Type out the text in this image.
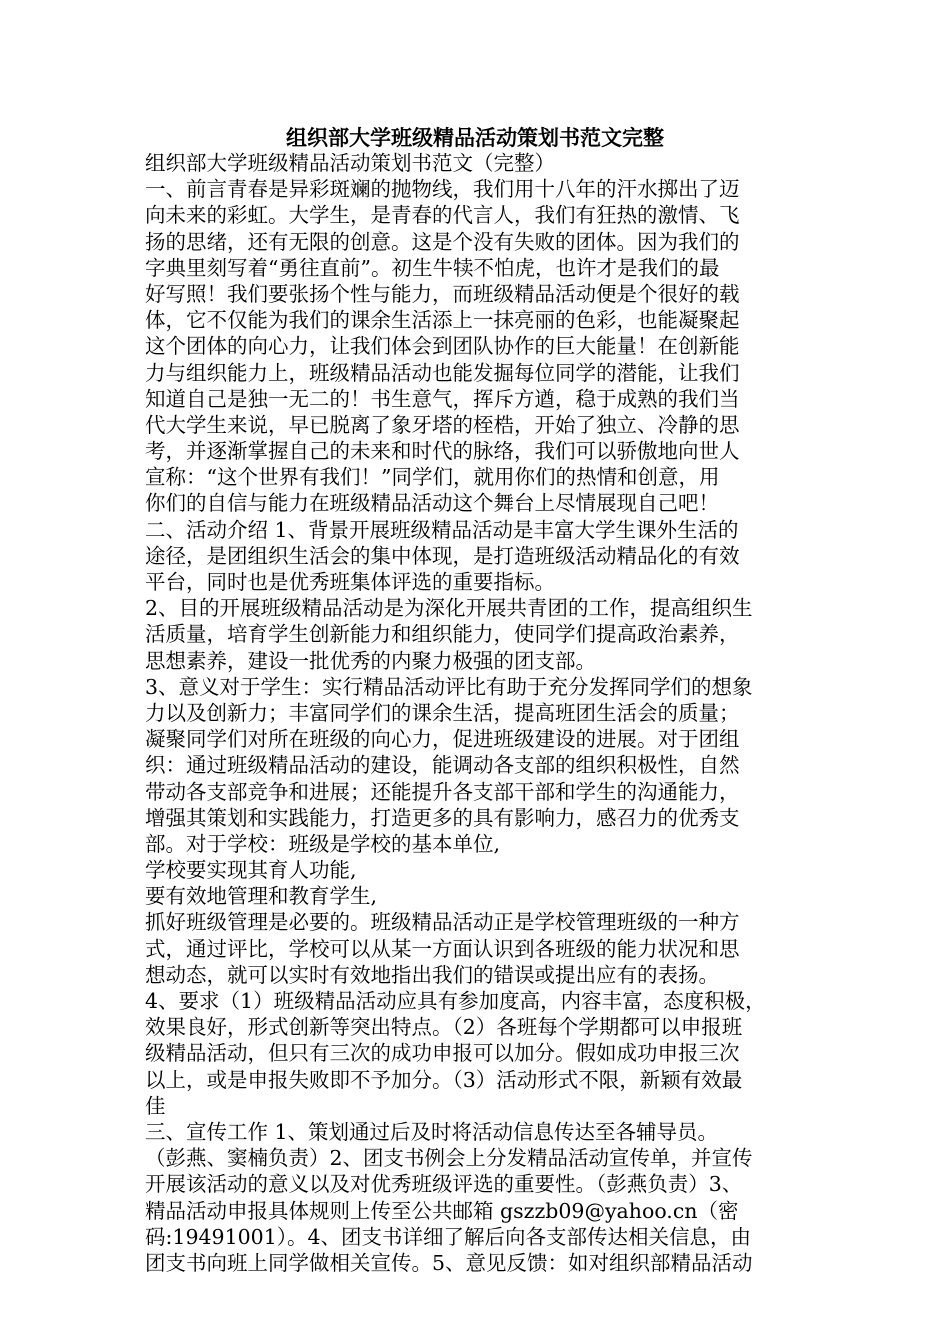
组织部大学班级精品活动策划书范文完整
组织部大学班级精品活动策划书范文（完整）
一、前言青春是异彩斑斓的抛物线，我们用十八年的汗水掷出了迈
向未来的彩虹。大学生，是青春的代言人，我们有狂热的激情、飞
扬的思绪，还有无限的创意。这是个没有失败的团体。因为我们的
字典里刻写着“勇往直前”。初生牛犊不怕虎，也许才是我们的最
好写照！我们要张扬个性与能力，而班级精品活动便是个很好的载
体，它不仅能为我们的课余生活添上一抹亮丽的色彩，也能凝聚起
这个团体的向心力，让我们体会到团队协作的巨大能量！在创新能
力与组织能力上，班级精品活动也能发掘每位同学的潜能，让我们
知道自己是独一无二的！书生意气，挥斥方遒，稳于成熟的我们当
代大学生来说，早已脱离了象牙塔的桎梏，开始了独立、冷静的思
考，并逐渐掌握自己的未来和时代的脉络，我们可以骄傲地向世人
宣称：“这个世界有我们！”同学们，就用你们的热情和创意，用
你们的自信与能力在班级精品活动这个舞台上尽情展现自己吧！
二、活动介绍 1、背景开展班级精品活动是丰富大学生课外生活的
途径，是团组织生活会的集中体现，是打造班级活动精品化的有效
平台，同时也是优秀班集体评选的重要指标。
2、目的开展班级精品活动是为深化开展共青团的工作，提高组织生
活质量，培育学生创新能力和组织能力，使同学们提高政治素养，
思想素养，建设一批优秀的内聚力极强的团支部。
3、意义对于学生：实行精品活动评比有助于充分发挥同学们的想象
力以及创新力；丰富同学们的课余生活，提高班团生活会的质量；
凝聚同学们对所在班级的向心力，促进班级建设的进展。对于团组
织：通过班级精品活动的建设，能调动各支部的组织积极性，自然
带动各支部竞争和进展；还能提升各支部干部和学生的沟通能力，
增强其策划和实践能力，打造更多的具有影响力，感召力的优秀支
部。对于学校：班级是学校的基本单位,
学校要实现其育人功能,
要有效地管理和教育学生,
抓好班级管理是必要的。班级精品活动正是学校管理班级的一种方
式，通过评比，学校可以从某一方面认识到各班级的能力状况和思
想动态，就可以实时有效地指出我们的错误或提出应有的表扬。
4、要求（1）班级精品活动应具有参加度高，内容丰富，态度积极，
效果良好，形式创新等突出特点。（2）各班每个学期都可以申报班
级精品活动，但只有三次的成功申报可以加分。假如成功申报三次
以上，或是申报失败即不予加分。（3）活动形式不限，新颖有效最
佳
三、宣传工作 1、策划通过后及时将活动信息传达至各辅导员。
（彭燕、窦楠负责）2、团支书例会上分发精品活动宣传单，并宣传
开展该活动的意义以及对优秀班级评选的重要性。（彭燕负责）3、
精品活动申报具体规则上传至公共邮箱 gszzb09@yahoo.cn（密
码:19491001）。4、团支书详细了解后向各支部传达相关信息，由
团支书向班上同学做相关宣传。5、意见反馈：如对组织部精品活动
